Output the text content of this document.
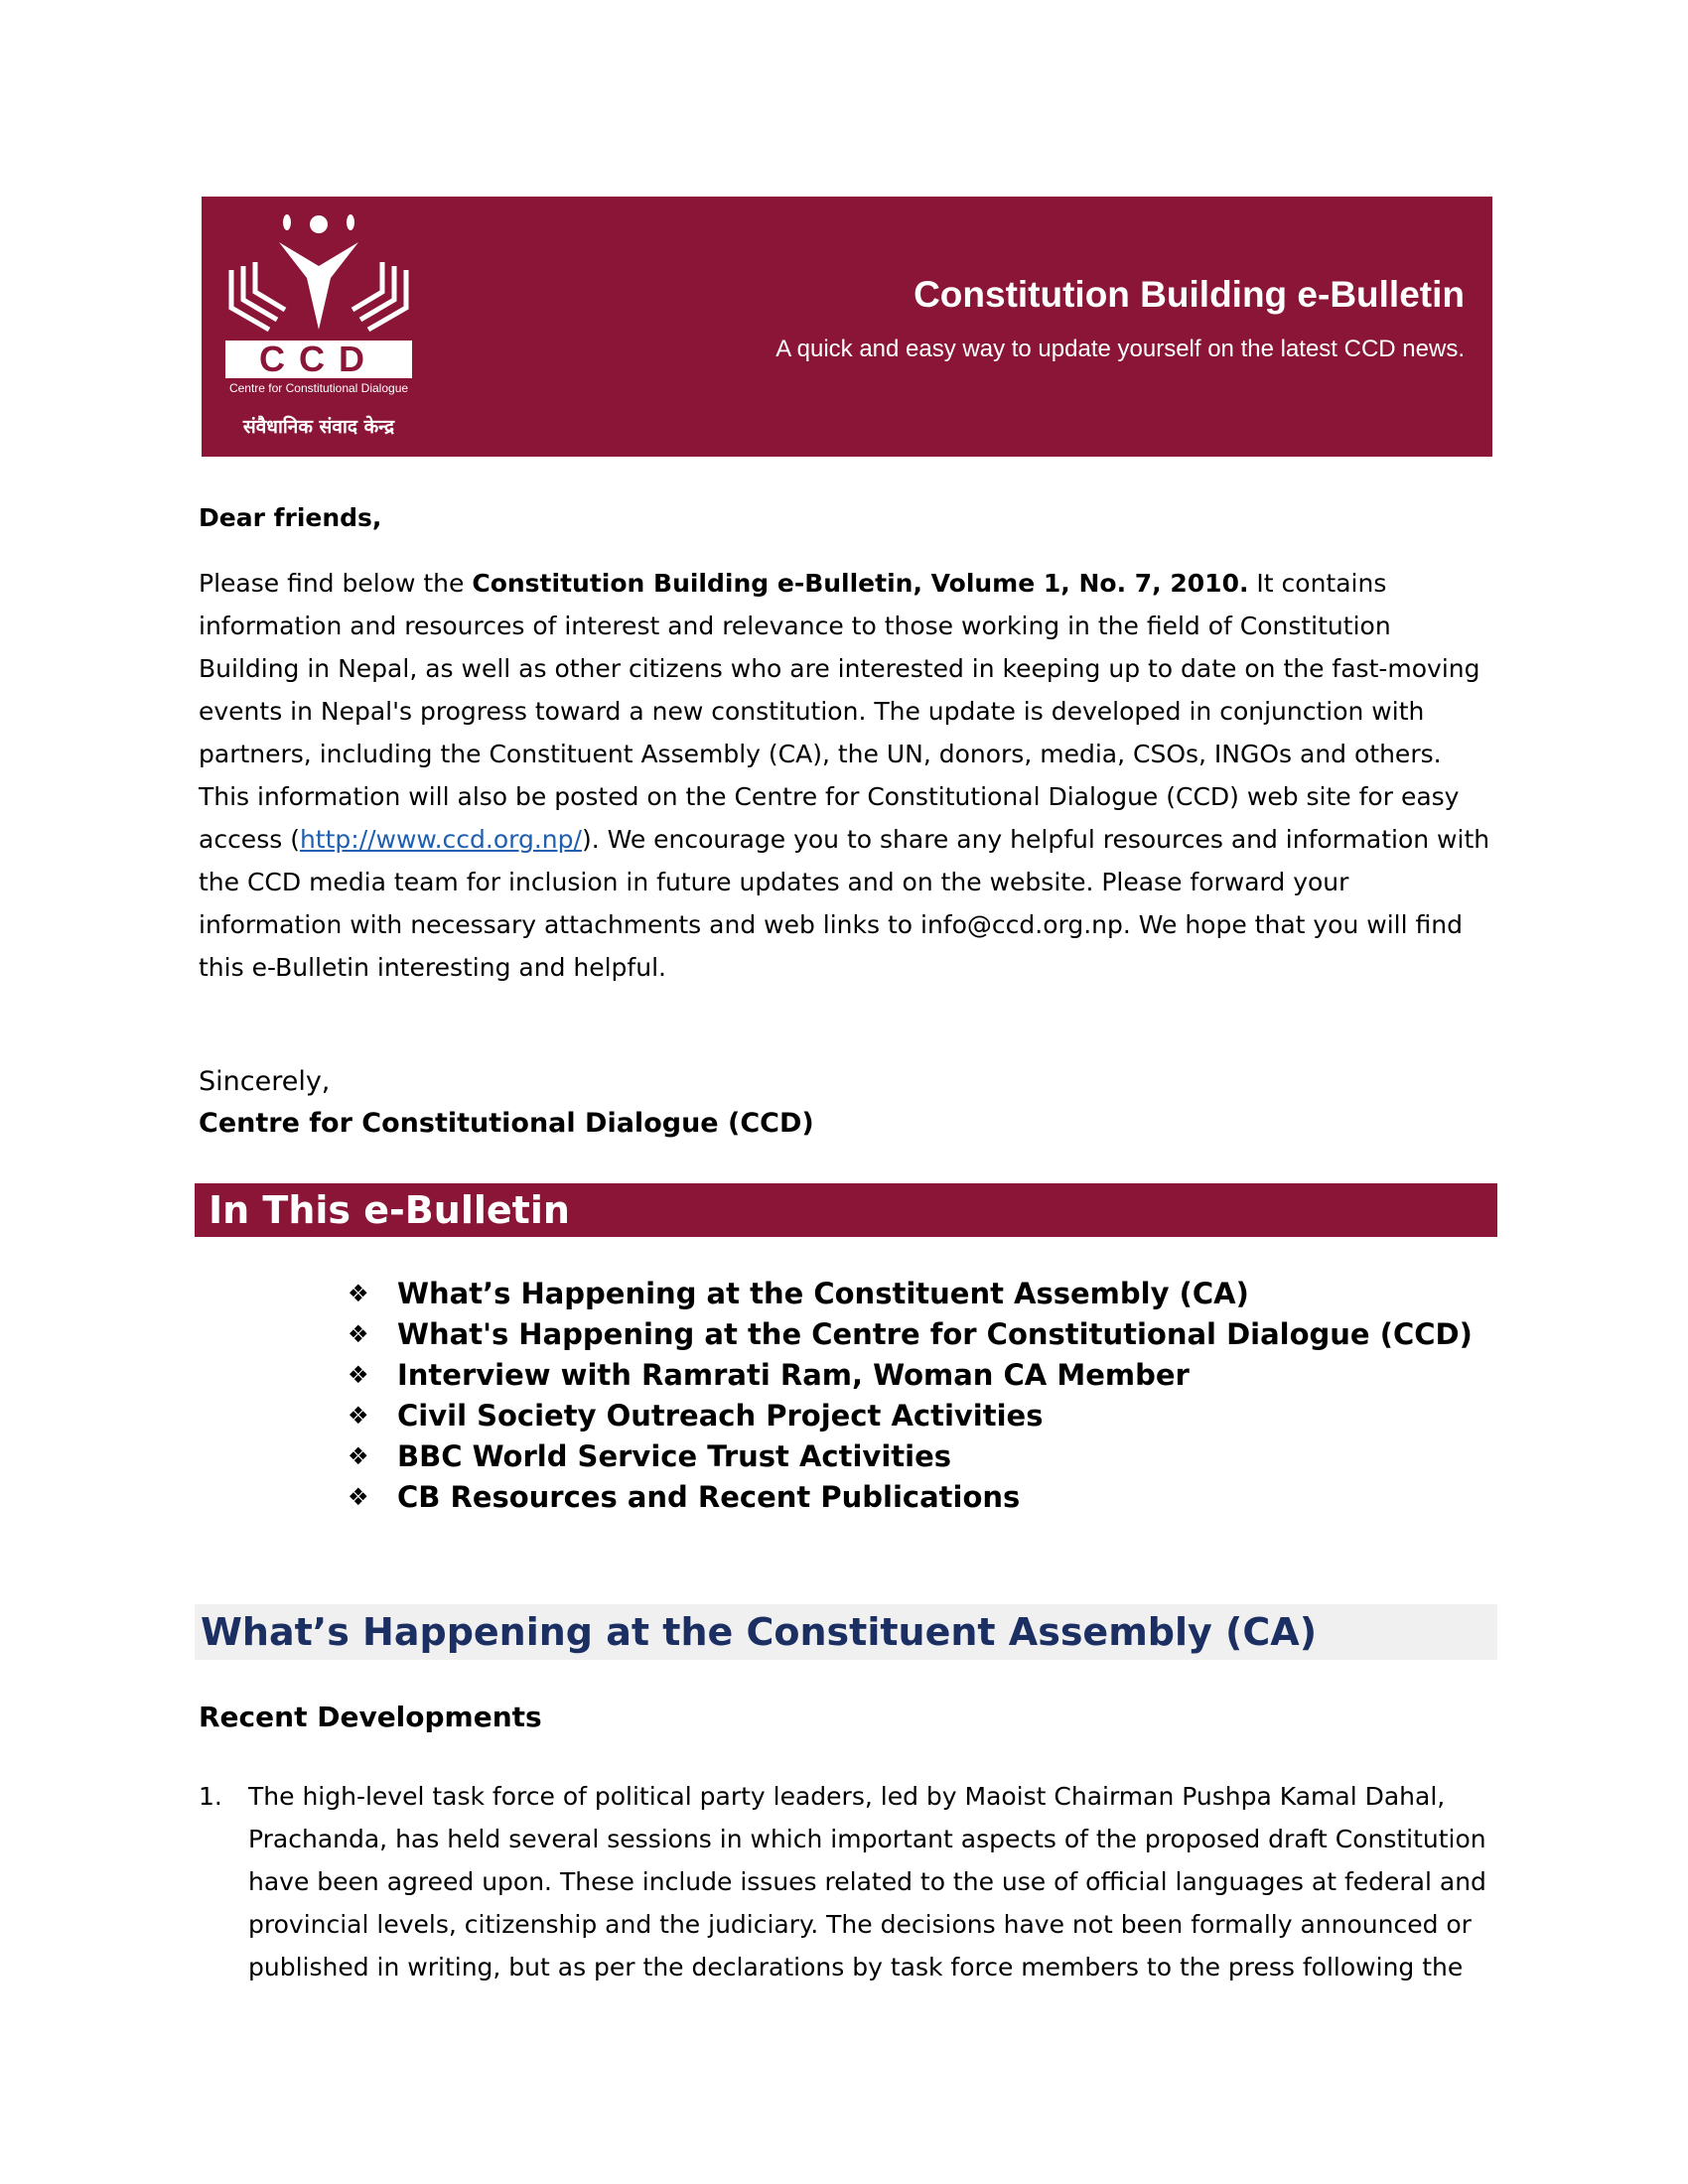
CCD
Centre for Constitutional Dialogue
संवैधानिक संवाद केन्द्र
Constitution Building e-Bulletin
A quick and easy way to update yourself on the latest CCD news.
Dear friends,
Please find below the Constitution Building e-Bulletin, Volume 1, No. 7, 2010. It contains information and resources of interest and relevance to those working in the field of Constitution Building in Nepal, as well as other citizens who are interested in keeping up to date on the fast-moving events in Nepal's progress toward a new constitution. The update is developed in conjunction with partners, including the Constituent Assembly (CA), the UN, donors, media, CSOs, INGOs and others. This information will also be posted on the Centre for Constitutional Dialogue (CCD) web site for easy access (http://www.ccd.org.np/). We encourage you to share any helpful resources and information with the CCD media team for inclusion in future updates and on the website. Please forward your information with necessary attachments and web links to info@ccd.org.np. We hope that you will find this e-Bulletin interesting and helpful.
Sincerely,
Centre for Constitutional Dialogue (CCD)
In This e-Bulletin
❖ What’s Happening at the Constituent Assembly (CA)
❖ What's Happening at the Centre for Constitutional Dialogue (CCD)
❖ Interview with Ramrati Ram, Woman CA Member
❖ Civil Society Outreach Project Activities
❖ BBC World Service Trust Activities
❖ CB Resources and Recent Publications
What’s Happening at the Constituent Assembly (CA)
Recent Developments
1. The high-level task force of political party leaders, led by Maoist Chairman Pushpa Kamal Dahal, Prachanda, has held several sessions in which important aspects of the proposed draft Constitution have been agreed upon. These include issues related to the use of official languages at federal and provincial levels, citizenship and the judiciary. The decisions have not been formally announced or published in writing, but as per the declarations by task force members to the press following the
